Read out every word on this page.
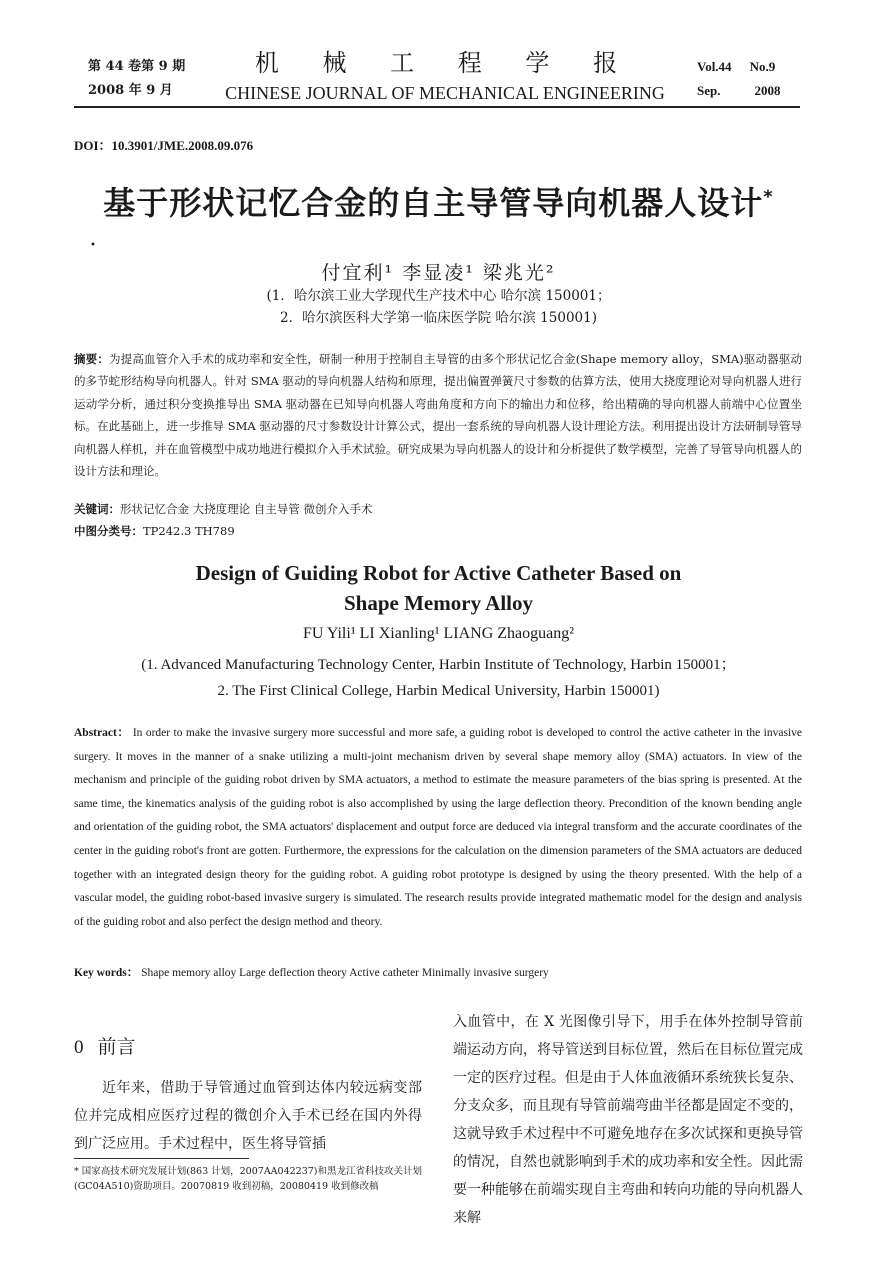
第 44 卷第 9 期
2008 年 9 月
机 械 工 程 学 报
CHINESE JOURNAL OF MECHANICAL ENGINEERING
Vol.44 No.9
Sep.	2008
DOI：10.3901/JME.2008.09.076
基于形状记忆合金的自主导管导向机器人设计*
•
付宜利¹ 李显凌¹ 梁兆光²
(1．哈尔滨工业大学现代生产技术中心 哈尔滨 150001；
2．哈尔滨医科大学第一临床医学院 哈尔滨 150001)
摘要：为提高血管介入手术的成功率和安全性，研制一种用于控制自主导管的由多个形状记忆合金(Shape memory alloy，SMA)驱动器驱动的多节蛇形结构导向机器人。针对 SMA 驱动的导向机器人结构和原理，提出偏置弹簧尺寸参数的估算方法，使用大挠度理论对导向机器人进行运动学分析，通过积分变换推导出 SMA 驱动器在已知导向机器人弯曲角度和方向下的输出力和位移，给出精确的导向机器人前端中心位置坐标。在此基础上，进一步推导 SMA 驱动器的尺寸参数设计计算公式，提出一套系统的导向机器人设计理论方法。利用提出设计方法研制导管导向机器人样机，并在血管模型中成功地进行模拟介入手术试验。研究成果为导向机器人的设计和分析提供了数学模型，完善了导管导向机器人的设计方法和理论。
关键词：形状记忆合金 大挠度理论 自主导管 微创介入手术
中图分类号：TP242.3 TH789
Design of Guiding Robot for Active Catheter Based on
Shape Memory Alloy
FU Yili¹ LI Xianling¹ LIANG Zhaoguang²
(1. Advanced Manufacturing Technology Center, Harbin Institute of Technology, Harbin 150001；
2. The First Clinical College, Harbin Medical University, Harbin 150001)
Abstract： In order to make the invasive surgery more successful and more safe, a guiding robot is developed to control the active catheter in the invasive surgery. It moves in the manner of a snake utilizing a multi-joint mechanism driven by several shape memory alloy (SMA) actuators. In view of the mechanism and principle of the guiding robot driven by SMA actuators, a method to estimate the measure parameters of the bias spring is presented. At the same time, the kinematics analysis of the guiding robot is also accomplished by using the large deflection theory. Precondition of the known bending angle and orientation of the guiding robot, the SMA actuators' displacement and output force are deduced via integral transform and the accurate coordinates of the center in the guiding robot's front are gotten. Furthermore, the expressions for the calculation on the dimension parameters of the SMA actuators are deduced together with an integrated design theory for the guiding robot. A guiding robot prototype is designed by using the theory presented. With the help of a vascular model, the guiding robot-based invasive surgery is simulated. The research results provide integrated mathematic model for the design and analysis of the guiding robot and also perfect the design method and theory.
Key words： Shape memory alloy Large deflection theory Active catheter Minimally invasive surgery
0 前言
近年来，借助于导管通过血管到达体内较远病变部位并完成相应医疗过程的微创介入手术已经在国内外得到广泛应用。手术过程中，医生将导管插
入血管中，在 X 光图像引导下，用手在体外控制导管前端运动方向，将导管送到目标位置，然后在目标位置完成一定的医疗过程。但是由于人体血液循环系统狭长复杂、分支众多，而且现有导管前端弯曲半径都是固定不变的，这就导致手术过程中不可避免地存在多次试探和更换导管的情况，自然也就影响到手术的成功率和安全性。因此需要一种能够在前端实现自主弯曲和转向功能的导向机器人来解
* 国家高技术研究发展计划(863 计划，2007AA042237)和黑龙江省科技攻关计划(GC04A510)资助项目。20070819 收到初稿，20080419 收到修改稿
